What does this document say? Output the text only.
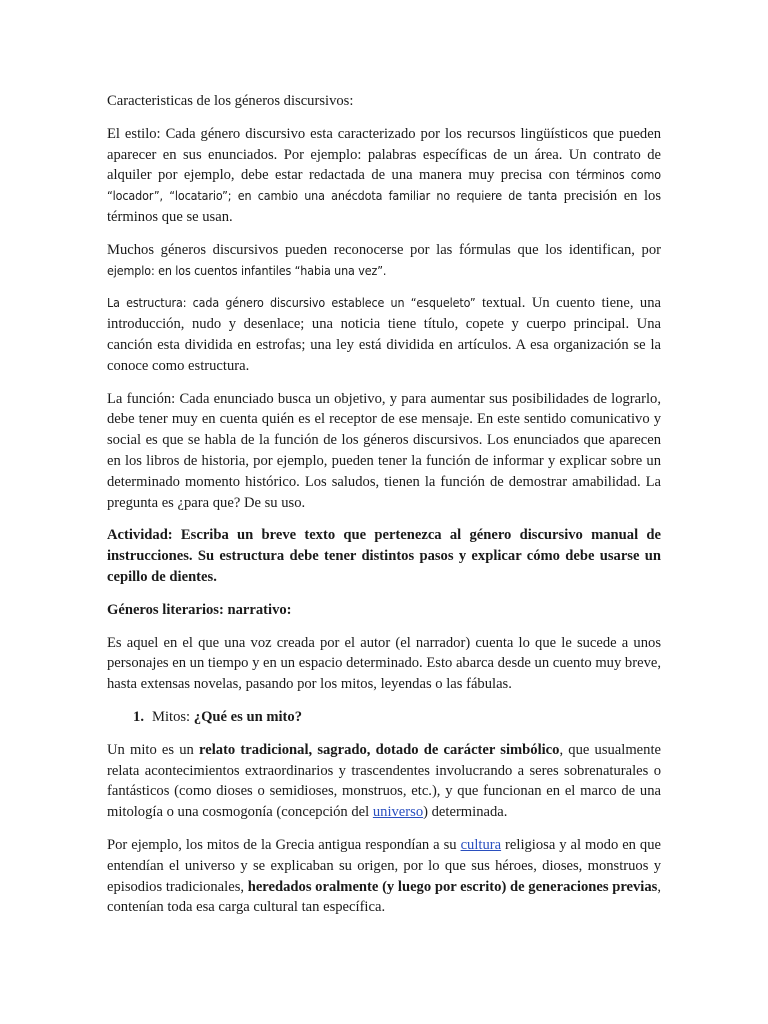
Caracteristicas de los géneros discursivos:

El estilo: Cada género discursivo esta caracterizado por los recursos lingüísticos que pueden aparecer en sus enunciados. Por ejemplo: palabras específicas de un área. Un contrato de alquiler por ejemplo, debe estar redactada de una manera muy precisa con términos como “locador”, “locatario”; en cambio una anécdota familiar no requiere de tanta precisión en los términos que se usan.

Muchos géneros discursivos pueden reconocerse por las fórmulas que los identifican, por ejemplo: en los cuentos infantiles “habia una vez”.

La estructura: cada género discursivo establece un “esqueleto” textual. Un cuento tiene, una introducción, nudo y desenlace; una noticia tiene título, copete y cuerpo principal. Una canción esta dividida en estrofas; una ley está dividida en artículos. A esa organización se la conoce como estructura.

La función: Cada enunciado busca un objetivo, y para aumentar sus posibilidades de lograrlo, debe tener muy en cuenta quién es el receptor de ese mensaje. En este sentido comunicativo y social es que se habla de la función de los géneros discursivos. Los enunciados que aparecen en los libros de historia, por ejemplo, pueden tener la función de informar y explicar sobre un determinado momento histórico. Los saludos, tienen la función de demostrar amabilidad. La pregunta es ¿para que? De su uso.

Actividad: Escriba un breve texto que pertenezca al género discursivo manual de instrucciones. Su estructura debe tener distintos pasos y explicar cómo debe usarse un cepillo de dientes.

Géneros literarios: narrativo:

Es aquel en el que una voz creada por el autor (el narrador) cuenta lo que le sucede a unos personajes en un tiempo y en un espacio determinado. Esto abarca desde un cuento muy breve, hasta extensas novelas, pasando por los mitos, leyendas o las fábulas.

1. Mitos: ¿Qué es un mito?

Un mito es un relato tradicional, sagrado, dotado de carácter simbólico, que usualmente relata acontecimientos extraordinarios y trascendentes involucrando a seres sobrenaturales o fantásticos (como dioses o semidioses, monstruos, etc.), y que funcionan en el marco de una mitología o una cosmogonía (concepción del universo) determinada.

Por ejemplo, los mitos de la Grecia antigua respondían a su cultura religiosa y al modo en que entendían el universo y se explicaban su origen, por lo que sus héroes, dioses, monstruos y episodios tradicionales, heredados oralmente (y luego por escrito) de generaciones previas, contenían toda esa carga cultural tan específica.
